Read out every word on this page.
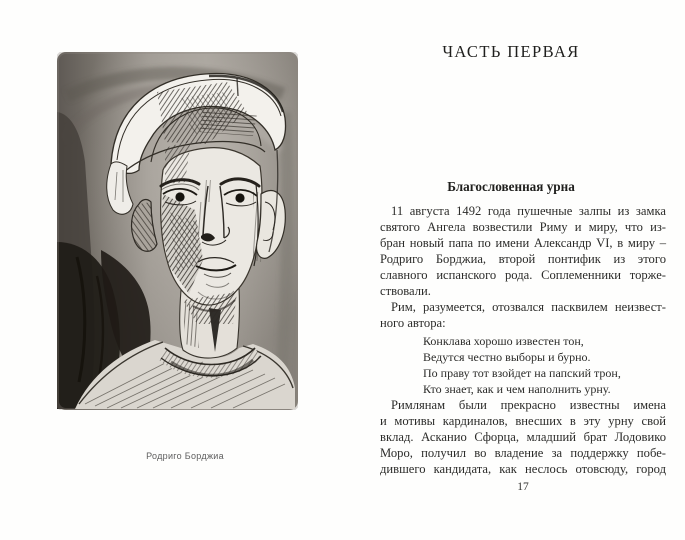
Родриго Борджиа
ЧАСТЬ ПЕРВАЯ
Благословенная урна
11 августа 1492 года пушечные залпы из замка
святого Ангела возвестили Риму и миру, что из-
бран новый папа по имени Александр VI, в миру –
Родриго Борджиа, второй понтифик из этого
славного испанского рода. Соплеменники торже-
ствовали.
Рим, разумеется, отозвался пасквилем неизвест-
ного автора:
Конклава хорошо известен тон,
Ведутся честно выборы и бурно.
По праву тот взойдет на папский трон,
Кто знает, как и чем наполнить урну.
Римлянам были прекрасно известны имена
и мотивы кардиналов, внесших в эту урну свой
вклад. Асканио Сфорца, младший брат Лодовико
Моро, получил во владение за поддержку побе-
дившего кандидата, как неслось отовсюду, город
17
